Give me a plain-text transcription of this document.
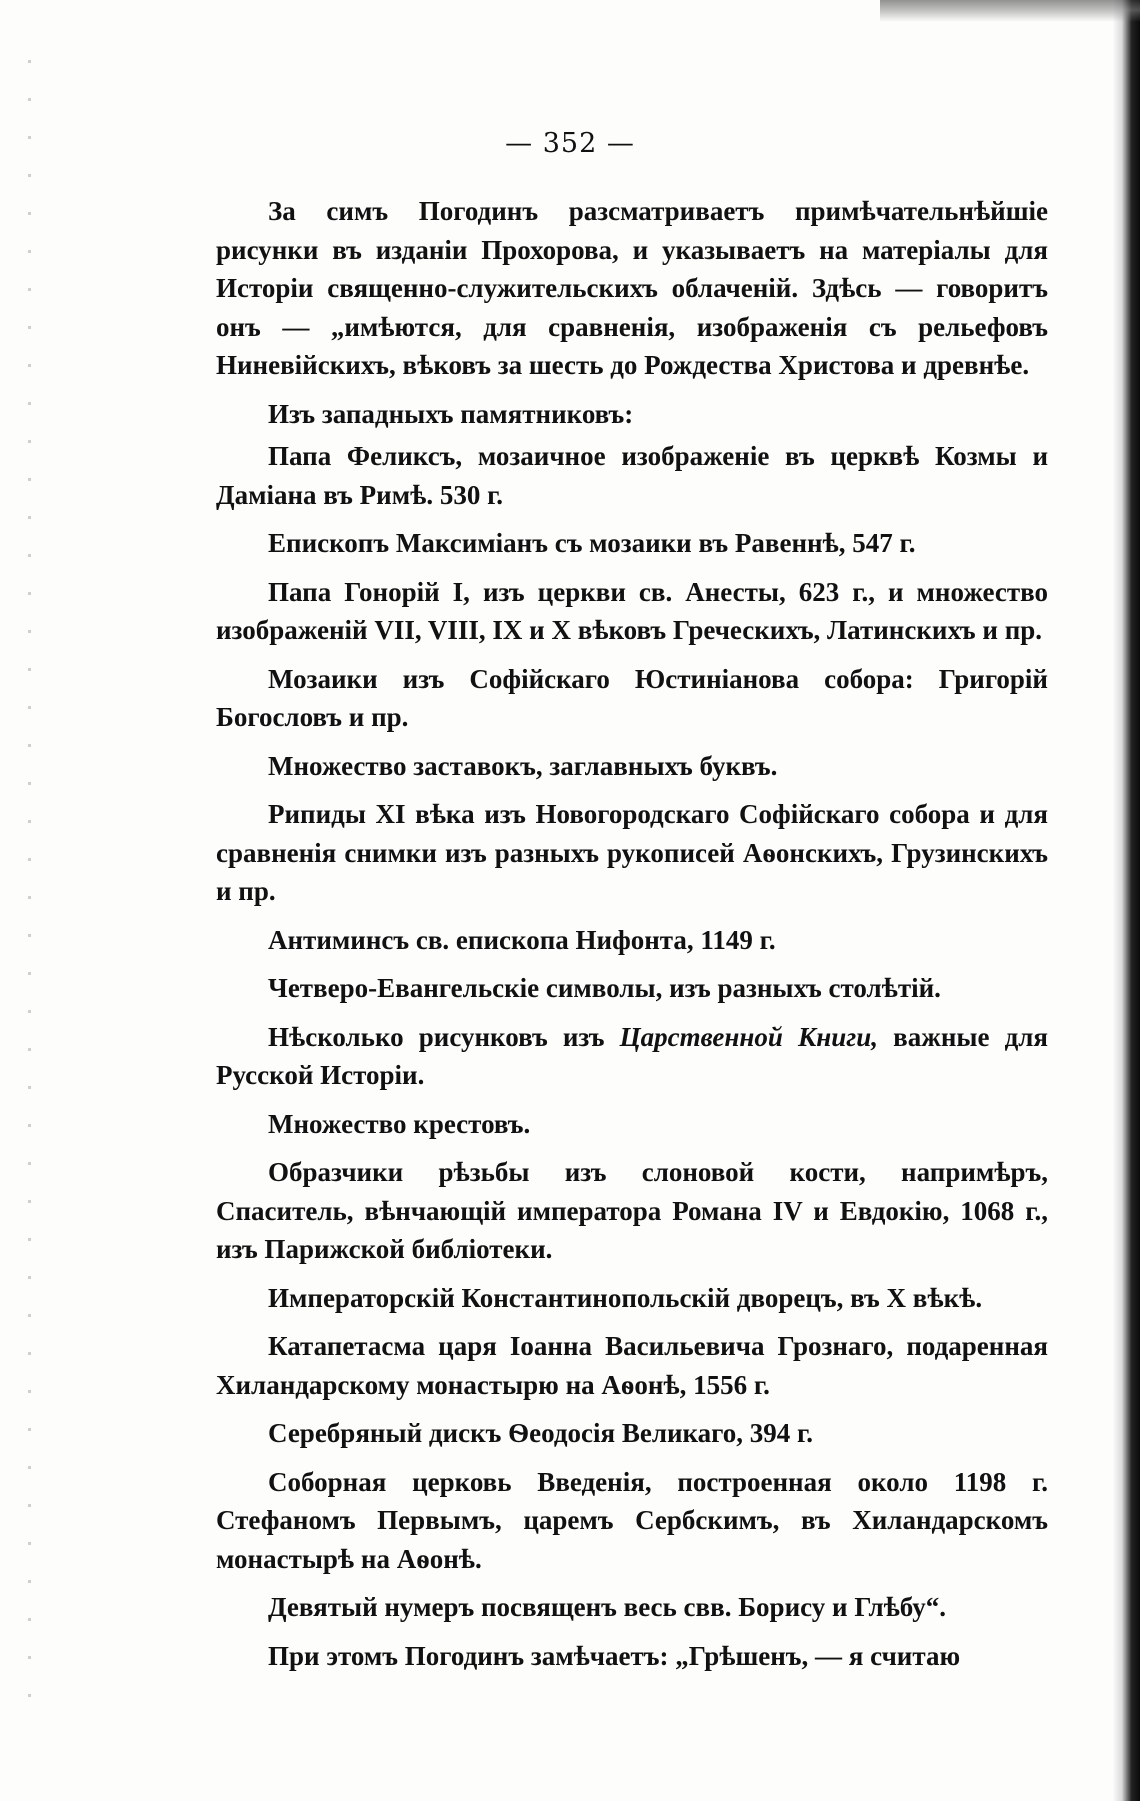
— 352 —

За симъ Погодинъ разсматриваетъ примѣчательнѣйшіе рисунки въ изданіи Прохорова, и указываетъ на матеріалы для Исторіи священно-служительскихъ облаченій. Здѣсь — говоритъ онъ — „имѣются, для сравненія, изображенія съ рельефовъ Ниневійскихъ, вѣковъ за шесть до Рождества Христова и древнѣе.

Изъ западныхъ памятниковъ:

Папа Феликсъ, мозаичное изображеніе въ церквѣ Козмы и Даміана въ Римѣ. 530 г.

Епископъ Максиміанъ съ мозаики въ Равеннѣ, 547 г.

Папа Гонорій I, изъ церкви св. Анесты, 623 г., и множество изображеній VII, VIII, IX и X вѣковъ Греческихъ, Латинскихъ и пр.

Мозаики изъ Софійскаго Юстиніанова собора: Григорій Богословъ и пр.

Множество заставокъ, заглавныхъ буквъ.

Рипиды XI вѣка изъ Новогородскаго Софійскаго собора и для сравненія снимки изъ разныхъ рукописей Аѳонскихъ, Грузинскихъ и пр.

Антиминсъ св. епископа Нифонта, 1149 г.

Четверо-Евангельскіе символы, изъ разныхъ столѣтій.

Нѣсколько рисунковъ изъ Царственной Книги, важные для Русской Исторіи.

Множество крестовъ.

Образчики рѣзьбы изъ слоновой кости, напримѣръ, Спаситель, вѣнчающій императора Романа IV и Евдокію, 1068 г., изъ Парижской библіотеки.

Императорскій Константинопольскій дворецъ, въ X вѣкѣ.

Катапетасма царя Іоанна Васильевича Грознаго, подаренная Хиландарскому монастырю на Аѳонѣ, 1556 г.

Серебряный дискъ Ѳеодосія Великаго, 394 г.

Соборная церковь Введенія, построенная около 1198 г. Стефаномъ Первымъ, царемъ Сербскимъ, въ Хиландарскомъ монастырѣ на Аѳонѣ.

Девятый нумеръ посвященъ весь свв. Борису и Глѣбу“.

При этомъ Погодинъ замѣчаетъ: „Грѣшенъ, — я считаю
